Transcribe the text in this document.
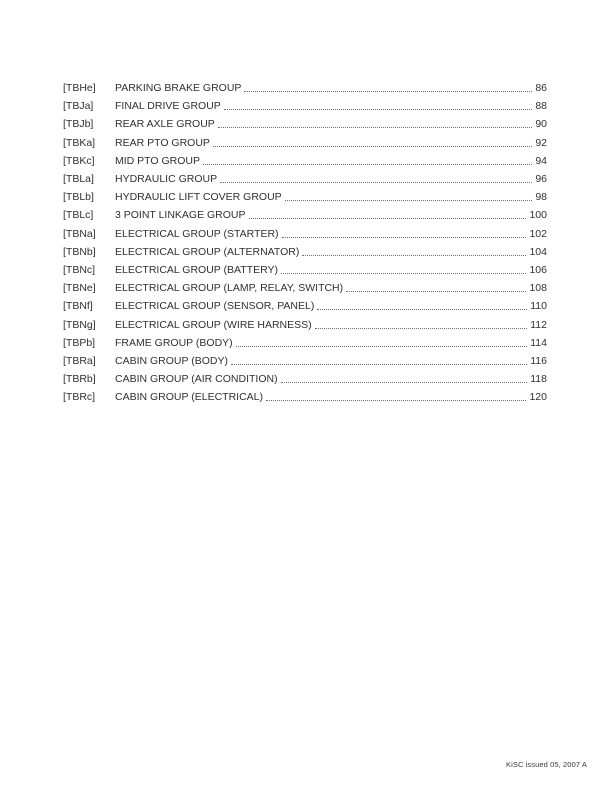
[TBHe]	PARKING BRAKE GROUP	86
[TBJa]	FINAL DRIVE GROUP	88
[TBJb]	REAR AXLE GROUP	90
[TBKa]	REAR PTO GROUP	92
[TBKc]	MID PTO GROUP	94
[TBLa]	HYDRAULIC GROUP	96
[TBLb]	HYDRAULIC LIFT COVER GROUP	98
[TBLc]	3 POINT LINKAGE GROUP	100
[TBNa]	ELECTRICAL GROUP (STARTER)	102
[TBNb]	ELECTRICAL GROUP (ALTERNATOR)	104
[TBNc]	ELECTRICAL GROUP (BATTERY)	106
[TBNe]	ELECTRICAL GROUP (LAMP, RELAY, SWITCH)	108
[TBNf]	ELECTRICAL GROUP (SENSOR, PANEL)	110
[TBNg]	ELECTRICAL GROUP (WIRE HARNESS)	112
[TBPb]	FRAME GROUP (BODY)	114
[TBRa]	CABIN GROUP (BODY)	116
[TBRb]	CABIN GROUP (AIR CONDITION)	118
[TBRc]	CABIN GROUP (ELECTRICAL)	120
KiSC issued 05, 2007 A
